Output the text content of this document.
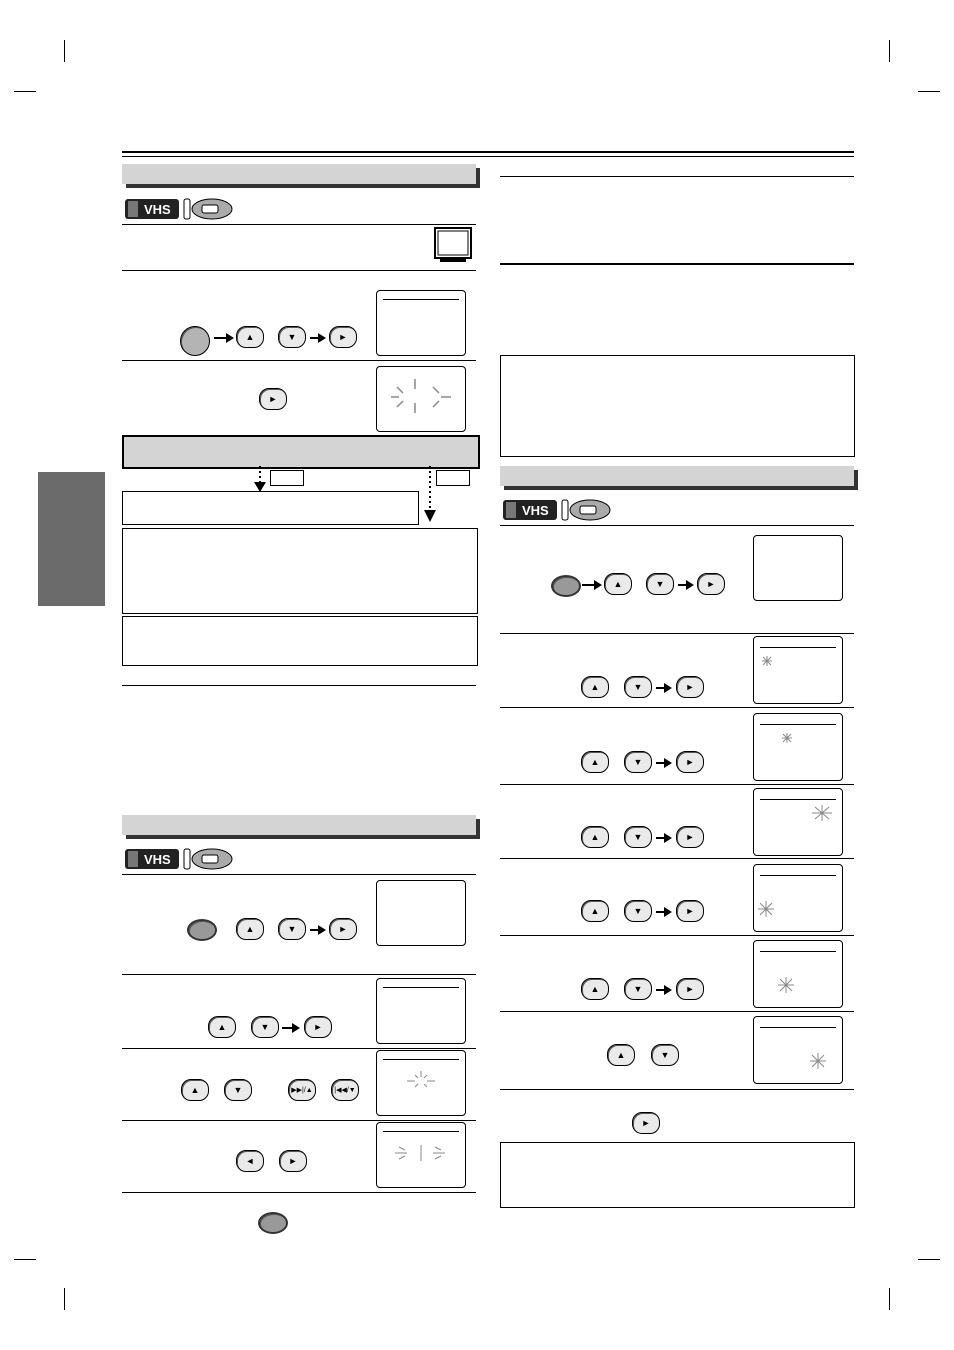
VHS
▲	▼	►
►
VHS
▲	▼	►
▲	▼	►
▲	▼	▶▶|/▲	|◀◀/▼
◄	►
VHS
▲	▼	►
▲	▼	►
▲	▼	►
▲	▼	►
▲	▼	►
▲	▼	►
▲	▼
►
